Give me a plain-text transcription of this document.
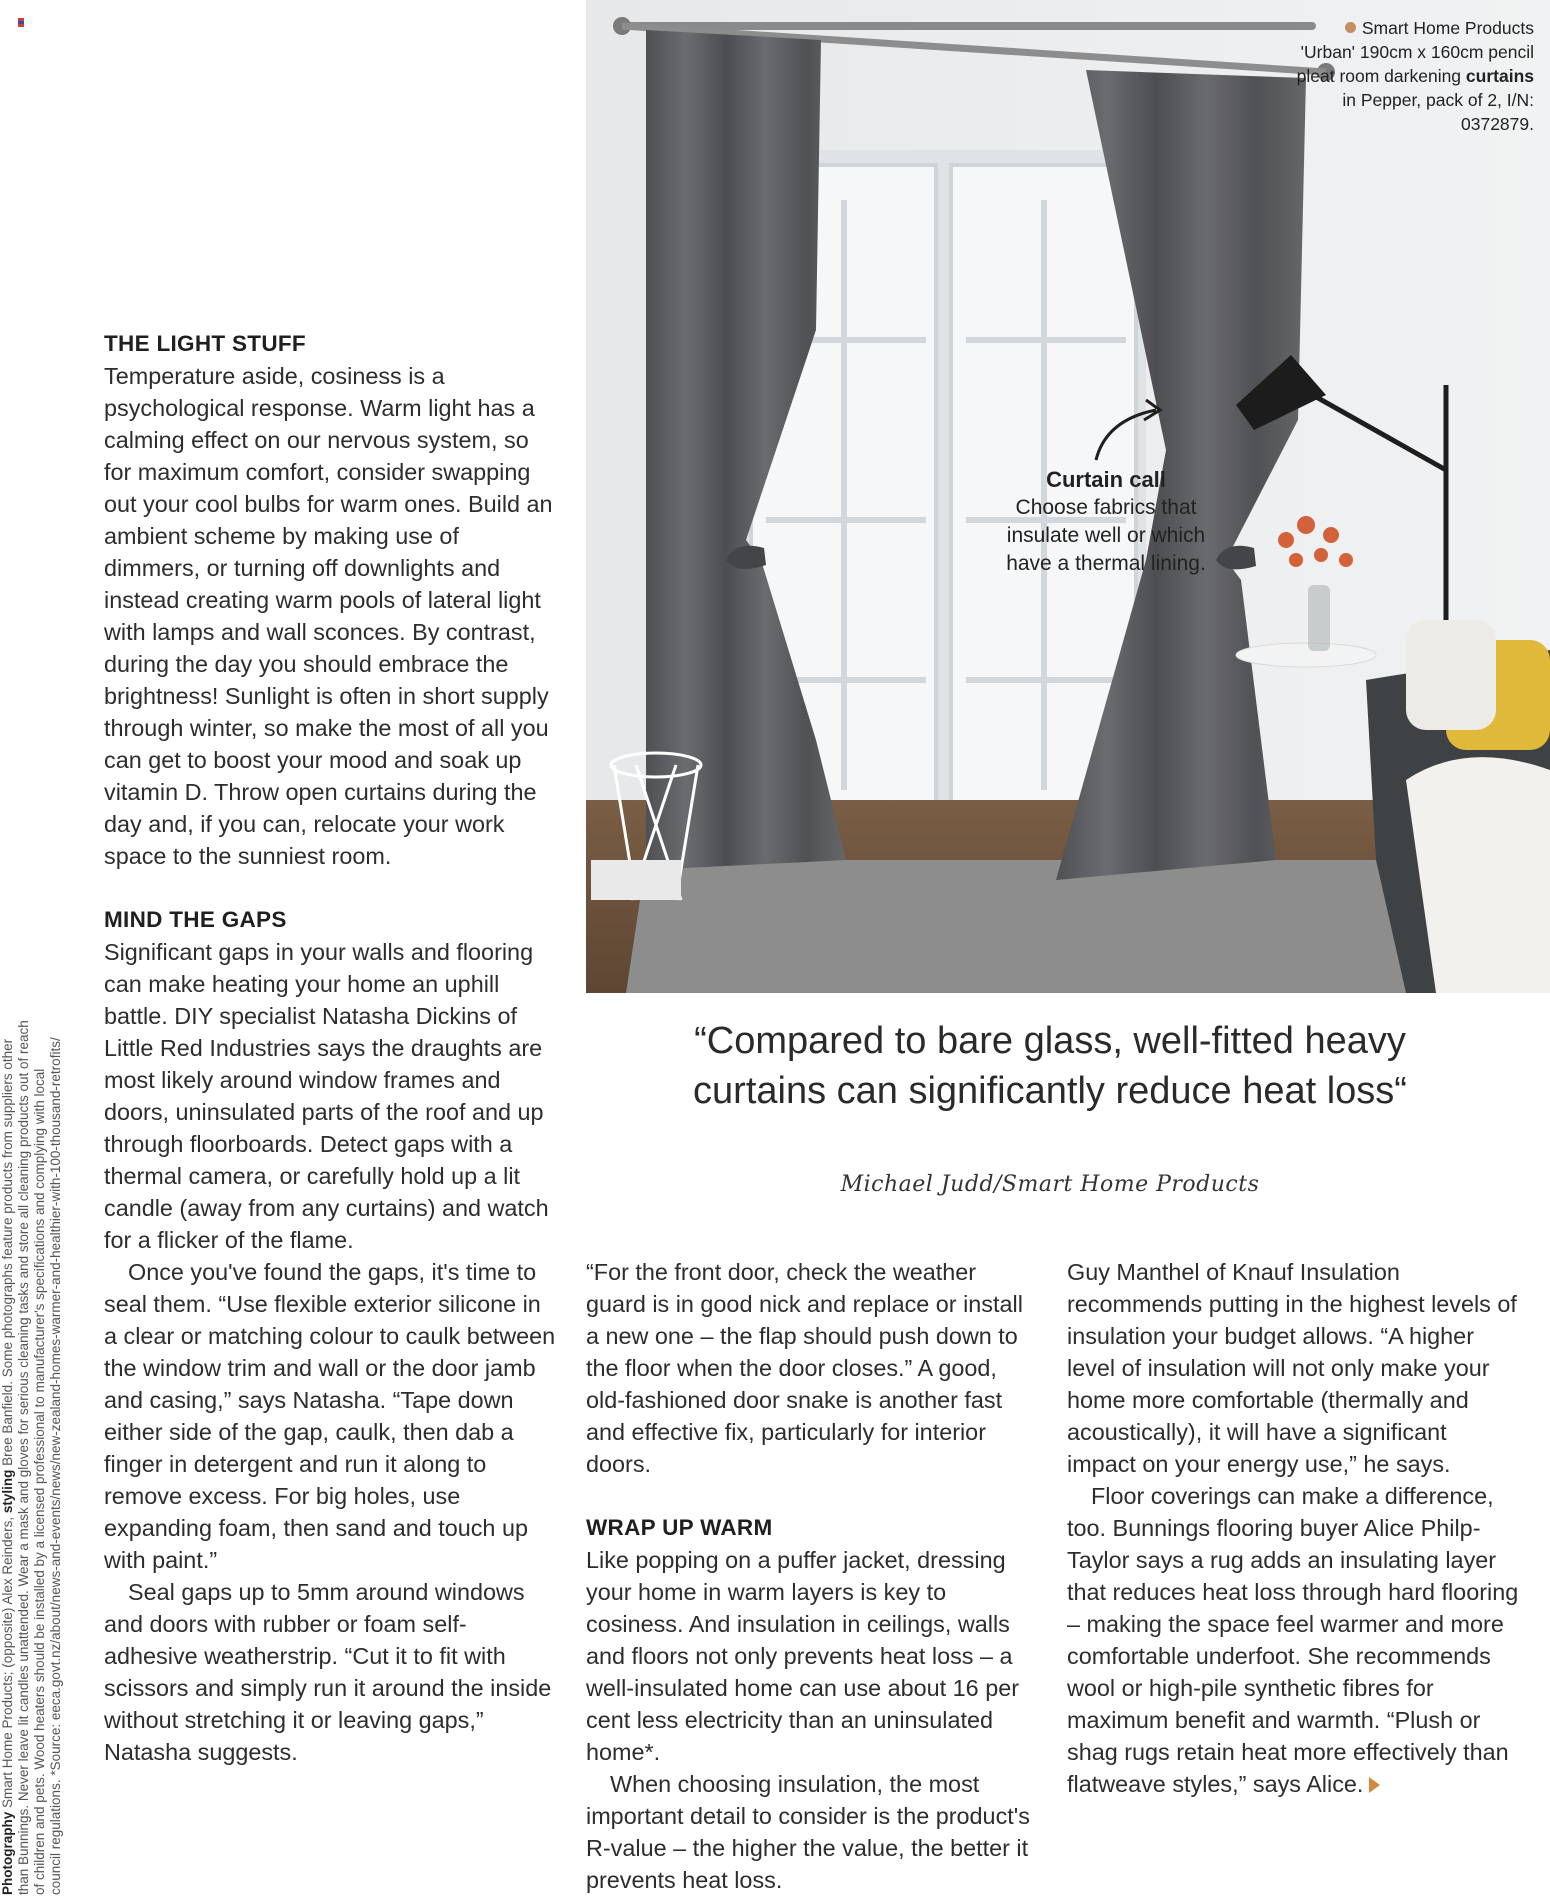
Photography Smart Home Products; (opposite) Alex Reinders, styling Bree Banfield. Some photographs feature products from suppliers other than Bunnings. Never leave lit candles unattended. Wear a mask and gloves for serious cleaning tasks and store all cleaning products out of reach of children and pets. Wood heaters should be installed by a licensed professional to manufacturer's specifications and complying with local council regulations. *Source: eeca.govt.nz/about/news-and-events/news/new-zealand-homes-warmer-and-healthier-with-100-thousand-retrofits/

THE LIGHT STUFF

Temperature aside, cosiness is a psychological response. Warm light has a calming effect on our nervous system, so for maximum comfort, consider swapping out your cool bulbs for warm ones. Build an ambient scheme by making use of dimmers, or turning off downlights and instead creating warm pools of lateral light with lamps and wall sconces. By contrast, during the day you should embrace the brightness! Sunlight is often in short supply through winter, so make the most of all you can get to boost your mood and soak up vitamin D. Throw open curtains during the day and, if you can, relocate your work space to the sunniest room.

MIND THE GAPS

Significant gaps in your walls and flooring can make heating your home an uphill battle. DIY specialist Natasha Dickins of Little Red Industries says the draughts are most likely around window frames and doors, uninsulated parts of the roof and up through floorboards. Detect gaps with a thermal camera, or carefully hold up a lit candle (away from any curtains) and watch for a flicker of the flame.

Once you've found the gaps, it's time to seal them. “Use flexible exterior silicone in a clear or matching colour to caulk between the window trim and wall or the door jamb and casing,” says Natasha. “Tape down either side of the gap, caulk, then dab a finger in detergent and run it along to remove excess. For big holes, use expanding foam, then sand and touch up with paint.”

Seal gaps up to 5mm around windows and doors with rubber or foam self-adhesive weatherstrip. “Cut it to fit with scissors and simply run it around the inside without stretching it or leaving gaps,” Natasha suggests.

Smart Home Products 'Urban' 190cm x 160cm pencil pleat room darkening curtains in Pepper, pack of 2, I/N: 0372879.
Curtain call
Choose fabrics that insulate well or which have a thermal lining.
“Compared to bare glass, well-fitted heavy curtains can significantly reduce heat loss“
Michael Judd/Smart Home Products

“For the front door, check the weather guard is in good nick and replace or install a new one – the flap should push down to the floor when the door closes.” A good, old-fashioned door snake is another fast and effective fix, particularly for interior doors.

WRAP UP WARM

Like popping on a puffer jacket, dressing your home in warm layers is key to cosiness. And insulation in ceilings, walls and floors not only prevents heat loss – a well-insulated home can use about 16 per cent less electricity than an uninsulated home*.

When choosing insulation, the most important detail to consider is the product's R-value – the higher the value, the better it prevents heat loss.

Guy Manthel of Knauf Insulation recommends putting in the highest levels of insulation your budget allows. “A higher level of insulation will not only make your home more comfortable (thermally and acoustically), it will have a significant impact on your energy use,” he says.

Floor coverings can make a difference, too. Bunnings flooring buyer Alice Philp-Taylor says a rug adds an insulating layer that reduces heat loss through hard flooring – making the space feel warmer and more comfortable underfoot. She recommends wool or high-pile synthetic fibres for maximum benefit and warmth. “Plush or shag rugs retain heat more effectively than flatweave styles,” says Alice.
